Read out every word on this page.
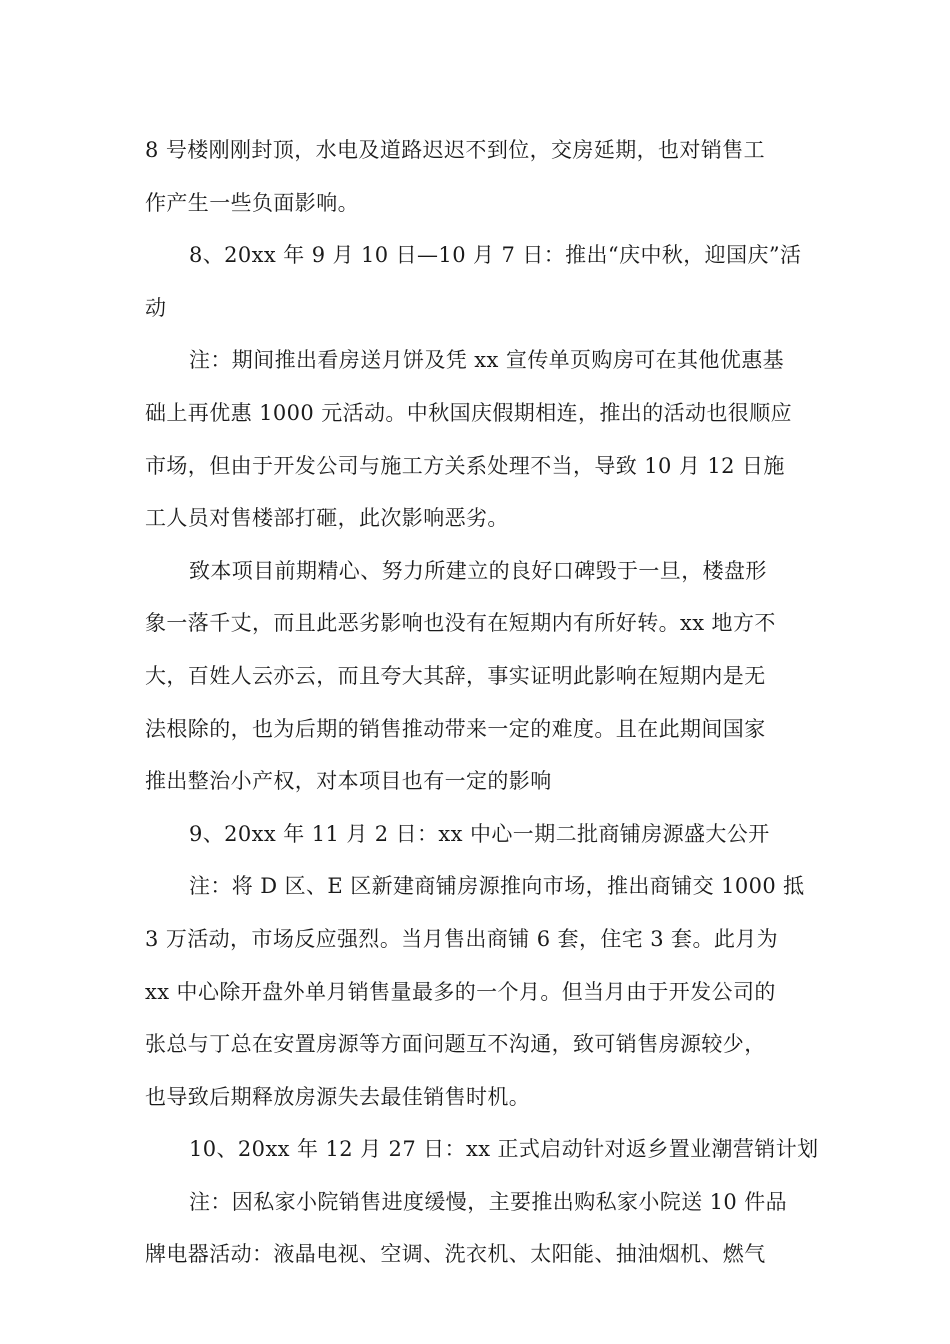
8 号楼刚刚封顶，水电及道路迟迟不到位，交房延期，也对销售工
作产生一些负面影响。
8、20xx 年 9 月 10 日—10 月 7 日：推出“庆中秋，迎国庆”活
动
注：期间推出看房送月饼及凭 xx 宣传单页购房可在其他优惠基
础上再优惠 1000 元活动。中秋国庆假期相连，推出的活动也很顺应
市场，但由于开发公司与施工方关系处理不当，导致 10 月 12 日施
工人员对售楼部打砸，此次影响恶劣。
致本项目前期精心、努力所建立的良好口碑毁于一旦，楼盘形
象一落千丈，而且此恶劣影响也没有在短期内有所好转。xx 地方不
大，百姓人云亦云，而且夸大其辞，事实证明此影响在短期内是无
法根除的，也为后期的销售推动带来一定的难度。且在此期间国家
推出整治小产权，对本项目也有一定的影响
9、20xx 年 11 月 2 日：xx 中心一期二批商铺房源盛大公开
注：将 D 区、E 区新建商铺房源推向市场，推出商铺交 1000 抵
3 万活动，市场反应强烈。当月售出商铺 6 套，住宅 3 套。此月为
xx 中心除开盘外单月销售量最多的一个月。但当月由于开发公司的
张总与丁总在安置房源等方面问题互不沟通，致可销售房源较少，
也导致后期释放房源失去最佳销售时机。
10、20xx 年 12 月 27 日：xx 正式启动针对返乡置业潮营销计划
注：因私家小院销售进度缓慢，主要推出购私家小院送 10 件品
牌电器活动：液晶电视、空调、洗衣机、太阳能、抽油烟机、燃气
